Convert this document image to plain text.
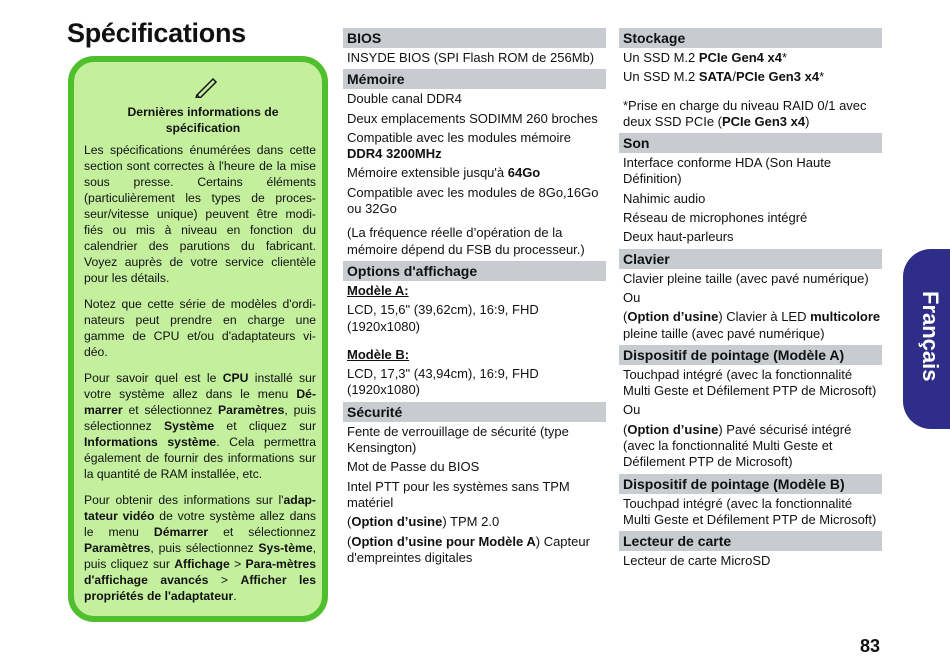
Spécifications
Dernières informations de spécification

Les spécifications énumérées dans cette section sont correctes à l'heure de la mise sous presse. Certains éléments (particulièrement les types de proces-seur/vitesse unique) peuvent être modi-fiés ou mis à niveau en fonction du calendrier des parutions du fabricant. Voyez auprès de votre service clientèle pour les détails.

Notez que cette série de modèles d'ordi-nateurs peut prendre en charge une gamme de CPU et/ou d'adaptateurs vi-déo.

Pour savoir quel est le CPU installé sur votre système allez dans le menu Dé-marrer et sélectionnez Paramètres, puis sélectionnez Système et cliquez sur Informations système. Cela permettra également de fournir des informations sur la quantité de RAM installée, etc.

Pour obtenir des informations sur l'adap-tateur vidéo de votre système allez dans le menu Démarrer et sélectionnez Paramètres, puis sélectionnez Sys-tème, puis cliquez sur Affichage > Para-mètres d'affichage avancés > Afficher les propriétés de l'adaptateur.

BIOS
INSYDE BIOS (SPI Flash ROM de 256Mb)
Mémoire
Double canal DDR4
Deux emplacements SODIMM 260 broches
Compatible avec les modules mémoire DDR4 3200MHz
Mémoire extensible jusqu'à 64Go
Compatible avec les modules de 8Go,16Go ou 32Go
(La fréquence réelle d’opération de la mémoire dépend du FSB du processeur.)
Options d'affichage
Modèle A:
LCD, 15,6" (39,62cm), 16:9, FHD (1920x1080)
Modèle B:
LCD, 17,3" (43,94cm), 16:9, FHD (1920x1080)
Sécurité
Fente de verrouillage de sécurité (type Kensington)
Mot de Passe du BIOS
Intel PTT pour les systèmes sans TPM matériel
(Option d’usine) TPM 2.0
(Option d’usine pour Modèle A) Capteur d'empreintes digitales
Stockage
Un SSD M.2 PCIe Gen4 x4*
Un SSD M.2 SATA/PCIe Gen3 x4*
*Prise en charge du niveau RAID 0/1 avec deux SSD PCIe (PCIe Gen3 x4)
Son
Interface conforme HDA (Son Haute Définition)
Nahimic audio
Réseau de microphones intégré
Deux haut-parleurs
Clavier
Clavier pleine taille (avec pavé numérique)
Ou
(Option d’usine) Clavier à LED multicolore pleine taille (avec pavé numérique)
Dispositif de pointage (Modèle A)
Touchpad intégré (avec la fonctionnalité Multi Geste et Défilement PTP de Microsoft)
Ou
(Option d’usine) Pavé sécurisé intégré (avec la fonctionnalité Multi Geste et Défilement PTP de Microsoft)
Dispositif de pointage (Modèle B)
Touchpad intégré (avec la fonctionnalité Multi Geste et Défilement PTP de Microsoft)
Lecteur de carte
Lecteur de carte MicroSD
Français
83
